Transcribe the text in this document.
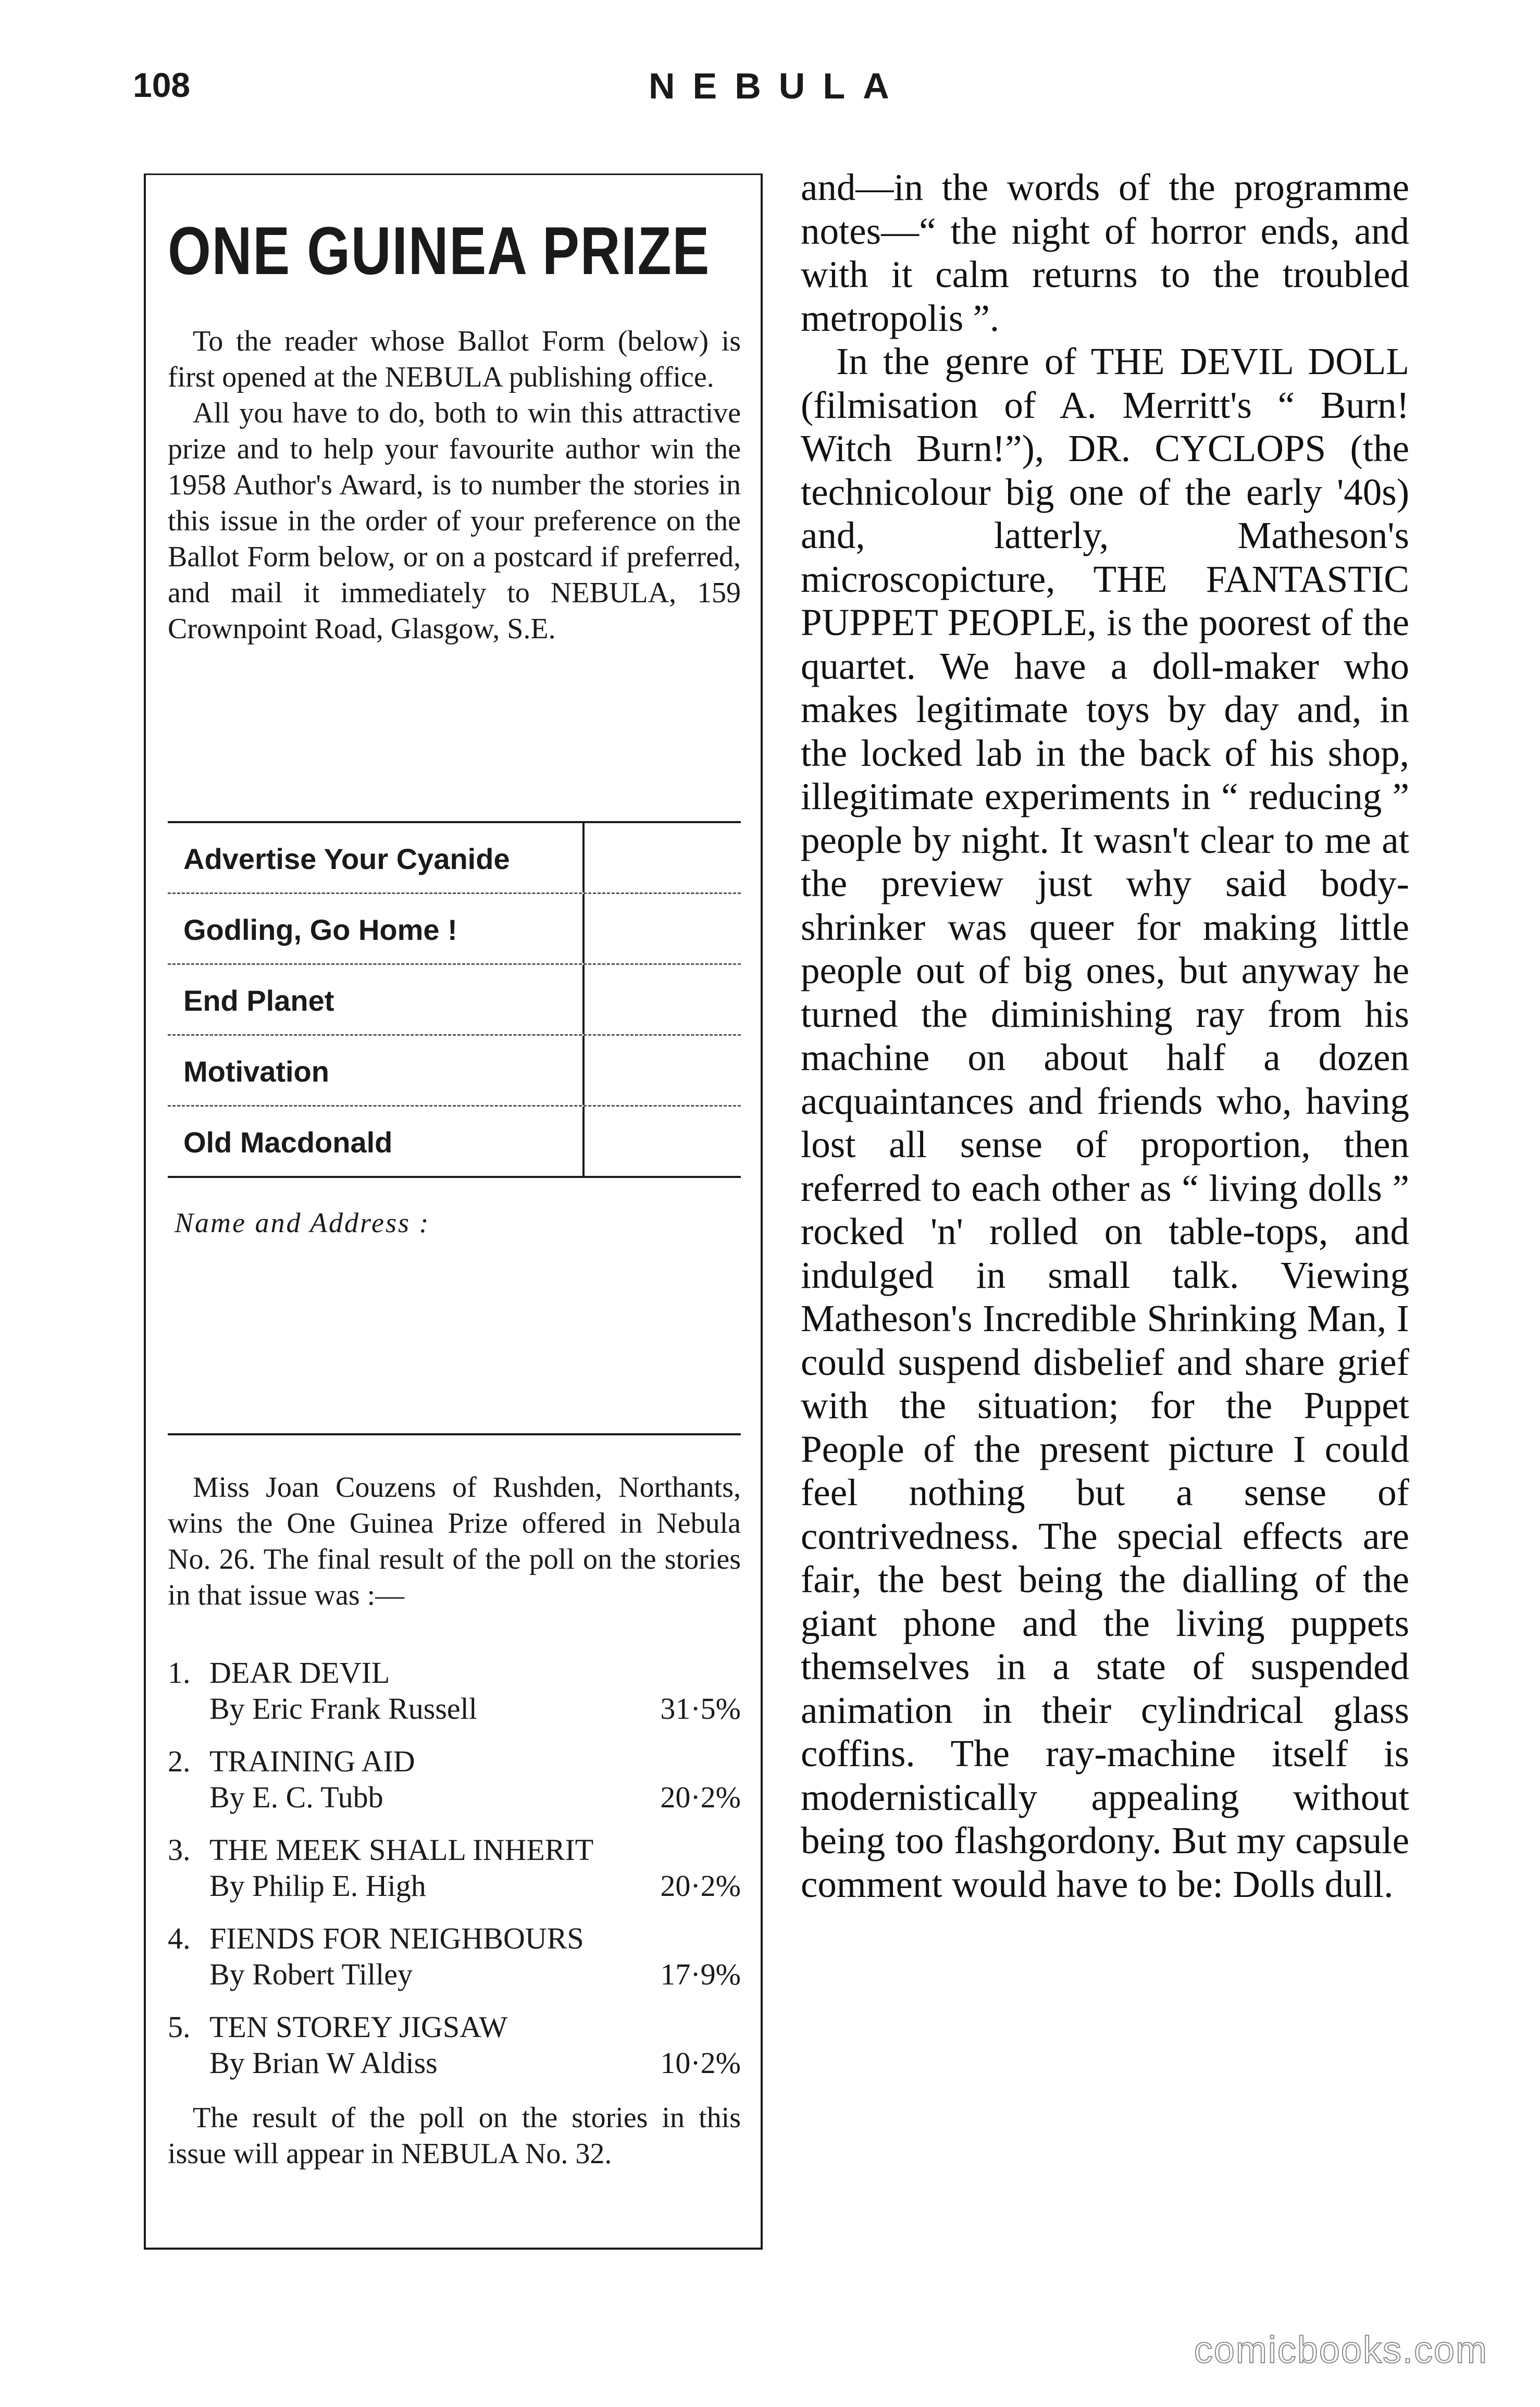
108	NEBULA
ONE GUINEA PRIZE

To the reader whose Ballot Form (below) is first opened at the NEBULA publishing office.

All you have to do, both to win this attractive prize and to help your favourite author win the 1958 Author's Award, is to number the stories in this issue in the order of your preference on the Ballot Form below, or on a postcard if preferred, and mail it immediately to NEBULA, 159 Crownpoint Road, Glasgow, S.E.

Advertise Your Cyanide
Godling, Go Home !
End Planet
Motivation
Old Macdonald
Name and Address :

Miss Joan Couzens of Rushden, Northants, wins the One Guinea Prize offered in Nebula No. 26. The final result of the poll on the stories in that issue was :—

1. DEAR DEVIL
By Eric Frank Russell	31·5%
2. TRAINING AID
By E. C. Tubb	20·2%
3. THE MEEK SHALL INHERIT
By Philip E. High	20·2%
4. FIENDS FOR NEIGHBOURS
By Robert Tilley	17·9%
5. TEN STOREY JIGSAW
By Brian W Aldiss	10·2%

The result of the poll on the stories in this issue will appear in NEBULA No. 32.

and—in the words of the programme notes—“ the night of horror ends, and with it calm returns to the troubled metropolis ”.

In the genre of THE DEVIL DOLL (filmisation of A. Merritt's “ Burn! Witch Burn!”), DR. CYCLOPS (the technicolour big one of the early '40s) and, latterly, Matheson's microscopicture, THE FANTASTIC PUPPET PEOPLE, is the poorest of the quartet. We have a doll-maker who makes legitimate toys by day and, in the locked lab in the back of his shop, illegitimate experiments in “ reducing ” people by night. It wasn't clear to me at the preview just why said body-shrinker was queer for making little people out of big ones, but anyway he turned the diminishing ray from his machine on about half a dozen acquaintances and friends who, having lost all sense of proportion, then referred to each other as “ living dolls ” rocked 'n' rolled on table-tops, and indulged in small talk. Viewing Matheson's Incredible Shrinking Man, I could suspend disbelief and share grief with the situation; for the Puppet People of the present picture I could feel nothing but a sense of contrivedness. The special effects are fair, the best being the dialling of the giant phone and the living puppets themselves in a state of suspended animation in their cylindrical glass coffins. The ray-machine itself is modernistically appealing without being too flashgordony. But my capsule comment would have to be: Dolls dull.

comicbooks.com
